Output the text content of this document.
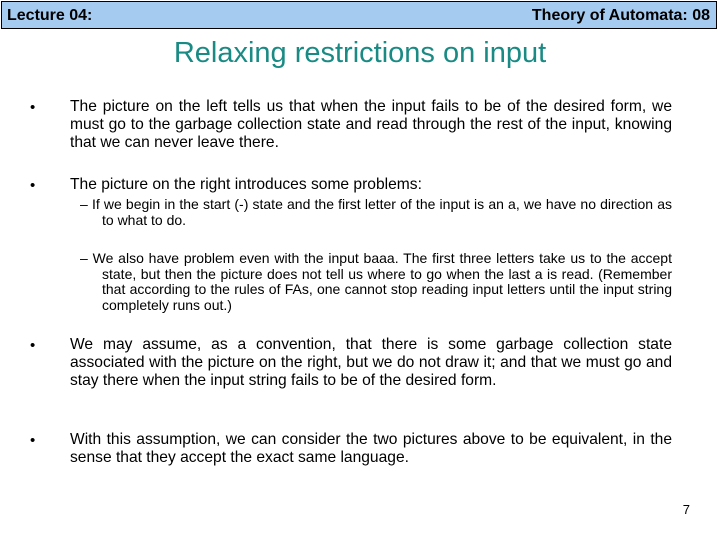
Lecture 04:	Theory of Automata: 08
Relaxing restrictions on input
• The picture on the left tells us that when the input fails to be of the desired form, we must go to the garbage collection state and read through the rest of the input, knowing that we can never leave there.
• The picture on the right introduces some problems:
– If we begin in the start (-) state and the first letter of the input is an a, we have no direction as to what to do.
– We also have problem even with the input baaa. The first three letters take us to the accept state, but then the picture does not tell us where to go when the last a is read. (Remember that according to the rules of FAs, one cannot stop reading input letters until the input string completely runs out.)
• We may assume, as a convention, that there is some garbage collection state associated with the picture on the right, but we do not draw it; and that we must go and stay there when the input string fails to be of the desired form.
• With this assumption, we can consider the two pictures above to be equivalent, in the sense that they accept the exact same language.
7
